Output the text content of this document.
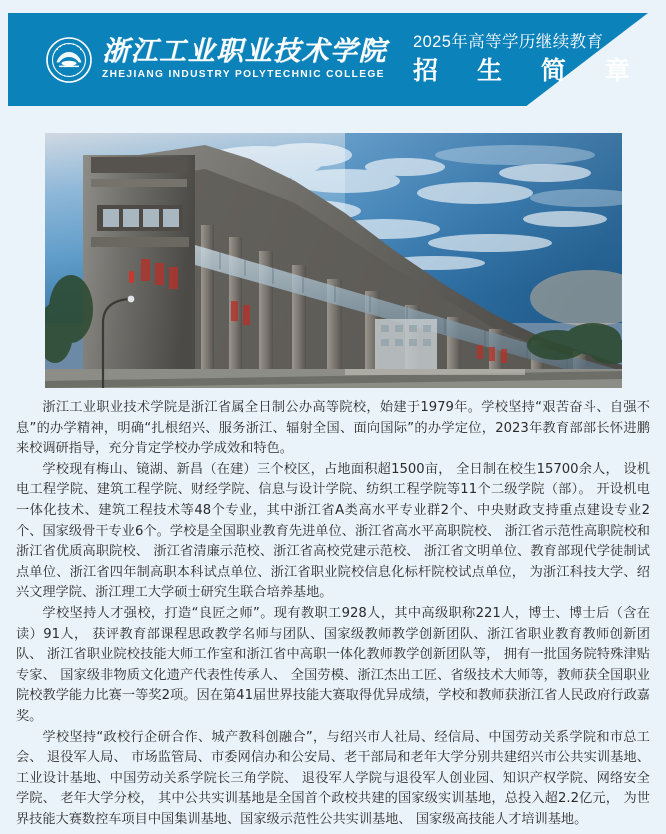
浙江工业职业技术学院
ZHEJIANG INDUSTRY POLYTECHNIC COLLEGE
2025年高等学历继续教育
招 生 简 章

浙江工业职业技术学院是浙江省属全日制公办高等院校，始建于1979年。学校坚持“艰苦奋斗、自强不息”的办学精神，明确“扎根绍兴、服务浙江、辐射全国、面向国际”的办学定位，2023年教育部部长怀进鹏来校调研指导，充分肯定学校办学成效和特色。

学校现有梅山、镜湖、新昌（在建）三个校区，占地面积超1500亩， 全日制在校生15700余人， 设机电工程学院、建筑工程学院、财经学院、信息与设计学院、纺织工程学院等11个二级学院（部）。 开设机电一体化技术、建筑工程技术等48个专业，其中浙江省A类高水平专业群2个、中央财政支持重点建设专业2个、国家级骨干专业6个。学校是全国职业教育先进单位、浙江省高水平高职院校、 浙江省示范性高职院校和浙江省优质高职院校、 浙江省清廉示范校、浙江省高校党建示范校、 浙江省文明单位、教育部现代学徒制试点单位、浙江省四年制高职本科试点单位、浙江省职业院校信息化标杆院校试点单位， 为浙江科技大学、绍兴文理学院、浙江理工大学硕士研究生联合培养基地。

学校坚持人才强校，打造“良匠之师”。现有教职工928人，其中高级职称221人，博士、博士后（含在读）91人， 获评教育部课程思政教学名师与团队、国家级教师教学创新团队、浙江省职业教育教师创新团队、 浙江省职业院校技能大师工作室和浙江省中高职一体化教师教学创新团队等， 拥有一批国务院特殊津贴专家、 国家级非物质文化遗产代表性传承人、 全国劳模、浙江杰出工匠、省级技术大师等，教师获全国职业院校教学能力比赛一等奖2项。因在第41届世界技能大赛取得优异成绩，学校和教师获浙江省人民政府行政嘉奖。

学校坚持“政校行企研合作、城产教科创融合”，与绍兴市人社局、经信局、中国劳动关系学院和市总工会、 退役军人局、 市场监管局、市委网信办和公安局、老干部局和老年大学分别共建绍兴市公共实训基地、 工业设计基地、中国劳动关系学院长三角学院、 退役军人学院与退役军人创业园、知识产权学院、网络安全学院、 老年大学分校， 其中公共实训基地是全国首个政校共建的国家级实训基地，总投入超2.2亿元， 为世界技能大赛数控车项目中国集训基地、国家级示范性公共实训基地、 国家级高技能人才培训基地。
